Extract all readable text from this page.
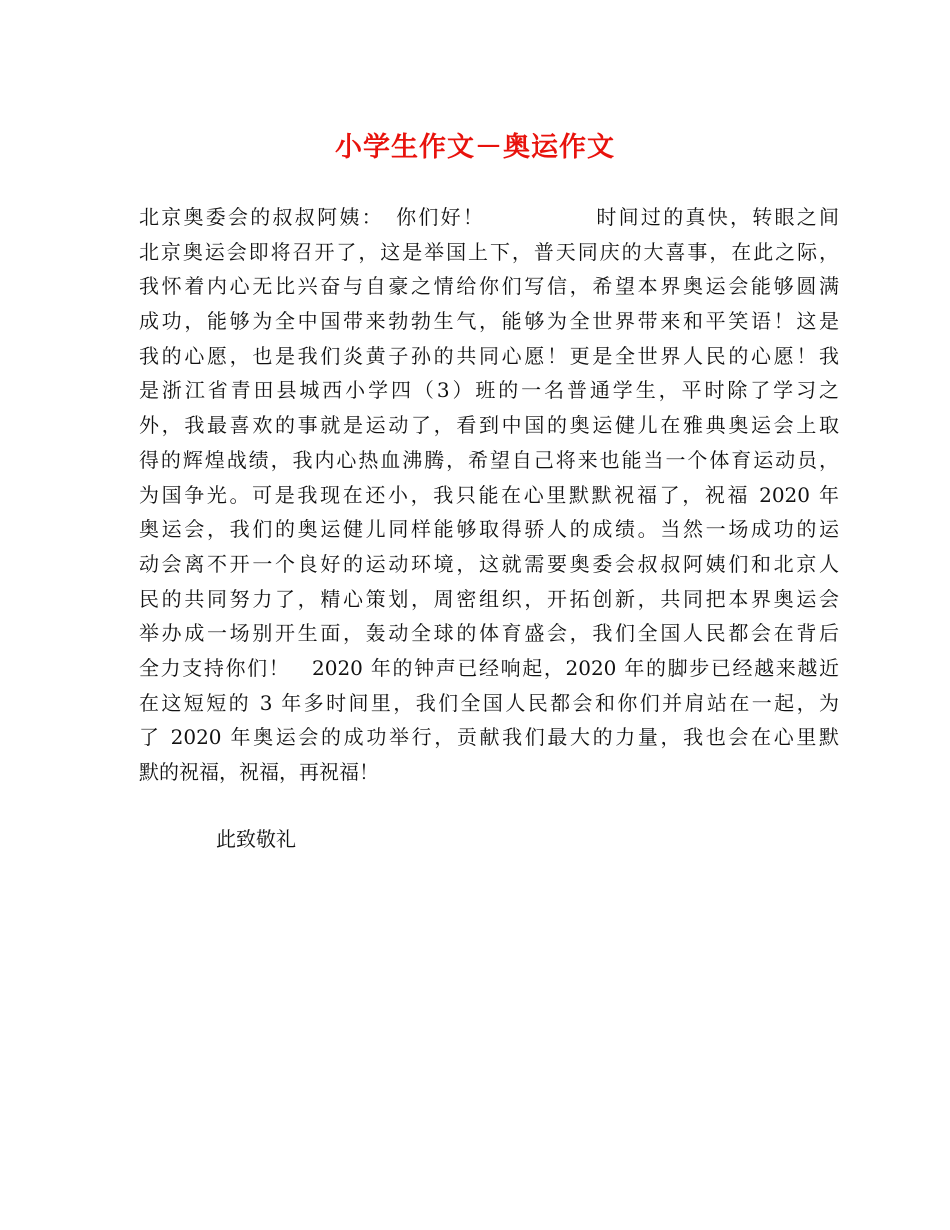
小学生作文－奥运作文
北京奥委会的叔叔阿姨：　你们好！　　　　　时间过的真快，转眼之间
北京奥运会即将召开了，这是举国上下，普天同庆的大喜事，在此之际，
我怀着内心无比兴奋与自豪之情给你们写信，希望本界奥运会能够圆满
成功，能够为全中国带来勃勃生气，能够为全世界带来和平笑语！这是
我的心愿，也是我们炎黄子孙的共同心愿！更是全世界人民的心愿！我
是浙江省青田县城西小学四（3）班的一名普通学生，平时除了学习之
外，我最喜欢的事就是运动了，看到中国的奥运健儿在雅典奥运会上取
得的辉煌战绩，我内心热血沸腾，希望自己将来也能当一个体育运动员，
为国争光。可是我现在还小，我只能在心里默默祝福了，祝福 2020 年
奥运会，我们的奥运健儿同样能够取得骄人的成绩。当然一场成功的运
动会离不开一个良好的运动环境，这就需要奥委会叔叔阿姨们和北京人
民的共同努力了，精心策划，周密组织，开拓创新，共同把本界奥运会
举办成一场别开生面，轰动全球的体育盛会，我们全国人民都会在背后
全力支持你们！　2020 年的钟声已经响起，2020 年的脚步已经越来越近
在这短短的 3 年多时间里，我们全国人民都会和你们并肩站在一起，为
了 2020 年奥运会的成功举行，贡献我们最大的力量，我也会在心里默
默的祝福，祝福，再祝福！
此致敬礼
